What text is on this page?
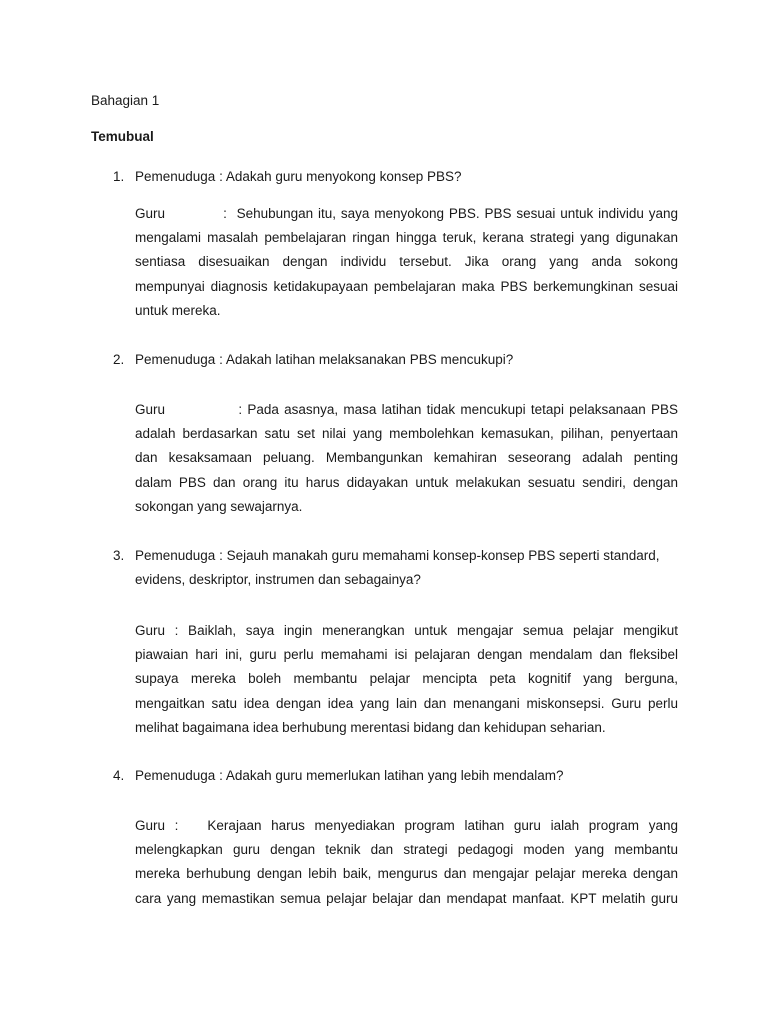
Bahagian 1
Temubual
1. Pemenuduga : Adakah guru menyokong konsep PBS?
Guru            :  Sehubungan itu, saya menyokong PBS. PBS sesuai untuk individu yang
mengalami masalah pembelajaran ringan hingga teruk, kerana strategi yang digunakan
sentiasa disesuaikan dengan individu tersebut. Jika orang yang anda sokong
mempunyai diagnosis ketidakupayaan pembelajaran maka PBS berkemungkinan sesuai
untuk mereka.
2. Pemenuduga : Adakah latihan melaksanakan PBS mencukupi?
Guru              : Pada asasnya, masa latihan tidak mencukupi tetapi pelaksanaan PBS
adalah berdasarkan satu set nilai yang membolehkan kemasukan, pilihan, penyertaan
dan kesaksamaan peluang. Membangunkan kemahiran seseorang adalah penting
dalam PBS dan orang itu harus didayakan untuk melakukan sesuatu sendiri, dengan
sokongan yang sewajarnya.
3. Pemenuduga : Sejauh manakah guru memahami konsep-konsep PBS seperti standard,
evidens, deskriptor, instrumen dan sebagainya?
Guru : Baiklah, saya ingin menerangkan untuk mengajar semua pelajar mengikut
piawaian hari ini, guru perlu memahami isi pelajaran dengan mendalam dan fleksibel
supaya mereka boleh membantu pelajar mencipta peta kognitif yang berguna,
mengaitkan satu idea dengan idea yang lain dan menangani miskonsepsi. Guru perlu
melihat bagaimana idea berhubung merentasi bidang dan kehidupan seharian.
4. Pemenuduga : Adakah guru memerlukan latihan yang lebih mendalam?
Guru :   Kerajaan harus menyediakan program latihan guru ialah program yang
melengkapkan guru dengan teknik dan strategi pedagogi moden yang membantu
mereka berhubung dengan lebih baik, mengurus dan mengajar pelajar mereka dengan
cara yang memastikan semua pelajar belajar dan mendapat manfaat. KPT melatih guru
